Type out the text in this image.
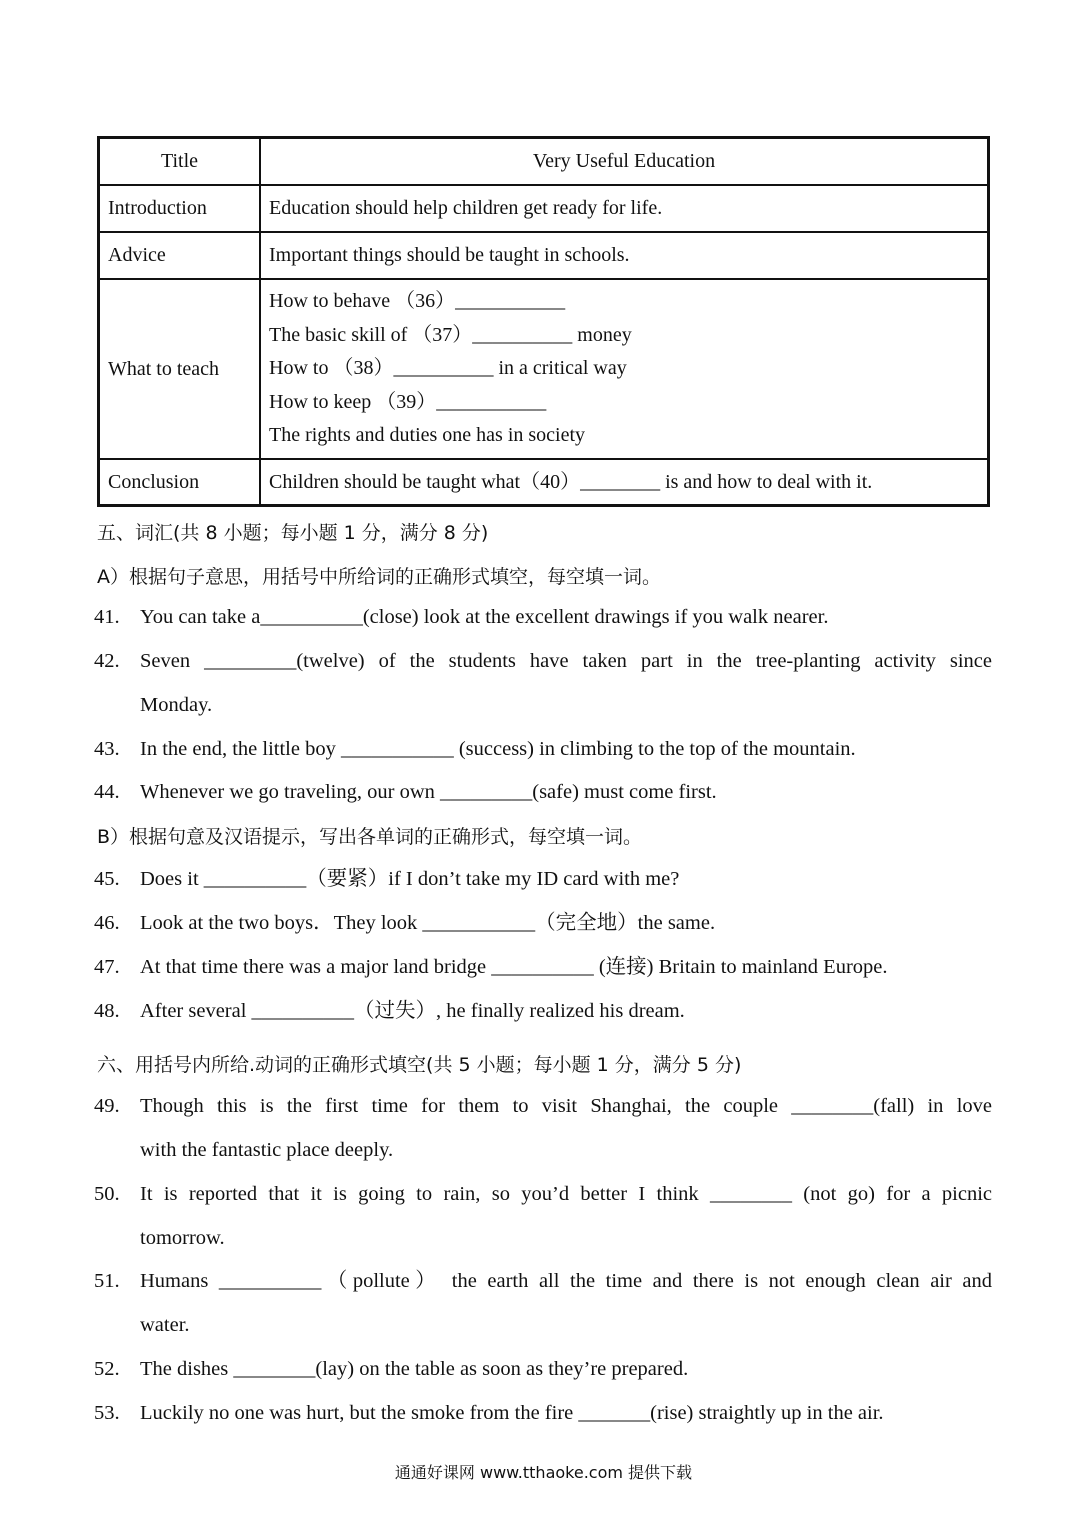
Title	Very Useful Education
Introduction	Education should help children get ready for life.
Advice	Important things should be taught in schools.
What to teach	How to behave （36）___________
The basic skill of （37）__________ money
How to （38）__________ in a critical way
How to keep （39）___________
The rights and duties one has in society

Conclusion	Children should be taught what（40）________ is and how to deal with it.
五、词汇(共 8 小题；每小题 1 分，满分 8 分)
A）根据句子意思，用括号中所给词的正确形式填空，每空填一词。
41. You can take a__________(close) look at the excellent drawings if you walk nearer.
42. Seven _________(twelve) of the students have taken part in the tree-planting activity since
Monday.
43. In the end, the little boy ___________ (success) in climbing to the top of the mountain.
44. Whenever we go traveling, our own _________(safe) must come first.
B）根据句意及汉语提示，写出各单词的正确形式，每空填一词。
45. Does it __________（要紧）if I don’t take my ID card with me?
46. Look at the two boys．They look ___________（完全地）the same.
47. At that time there was a major land bridge __________ (连接) Britain to mainland Europe.
48. After several __________（过失）, he finally realized his dream.
六、用括号内所给.动词的正确形式填空(共 5 小题；每小题 1 分，满分 5 分)
49. Though this is the first time for them to visit Shanghai, the couple ________(fall) in love
with the fantastic place deeply.
50. It is reported that it is going to rain, so you’d better I think ________ (not go) for a picnic
tomorrow.
51. Humans __________（pollute） the earth all the time and there is not enough clean air and
water.
52. The dishes ________(lay) on the table as soon as they’re prepared.
53. Luckily no one was hurt, but the smoke from the fire _______(rise) straightly up in the air.
通通好课网 www.tthaoke.com 提供下载
